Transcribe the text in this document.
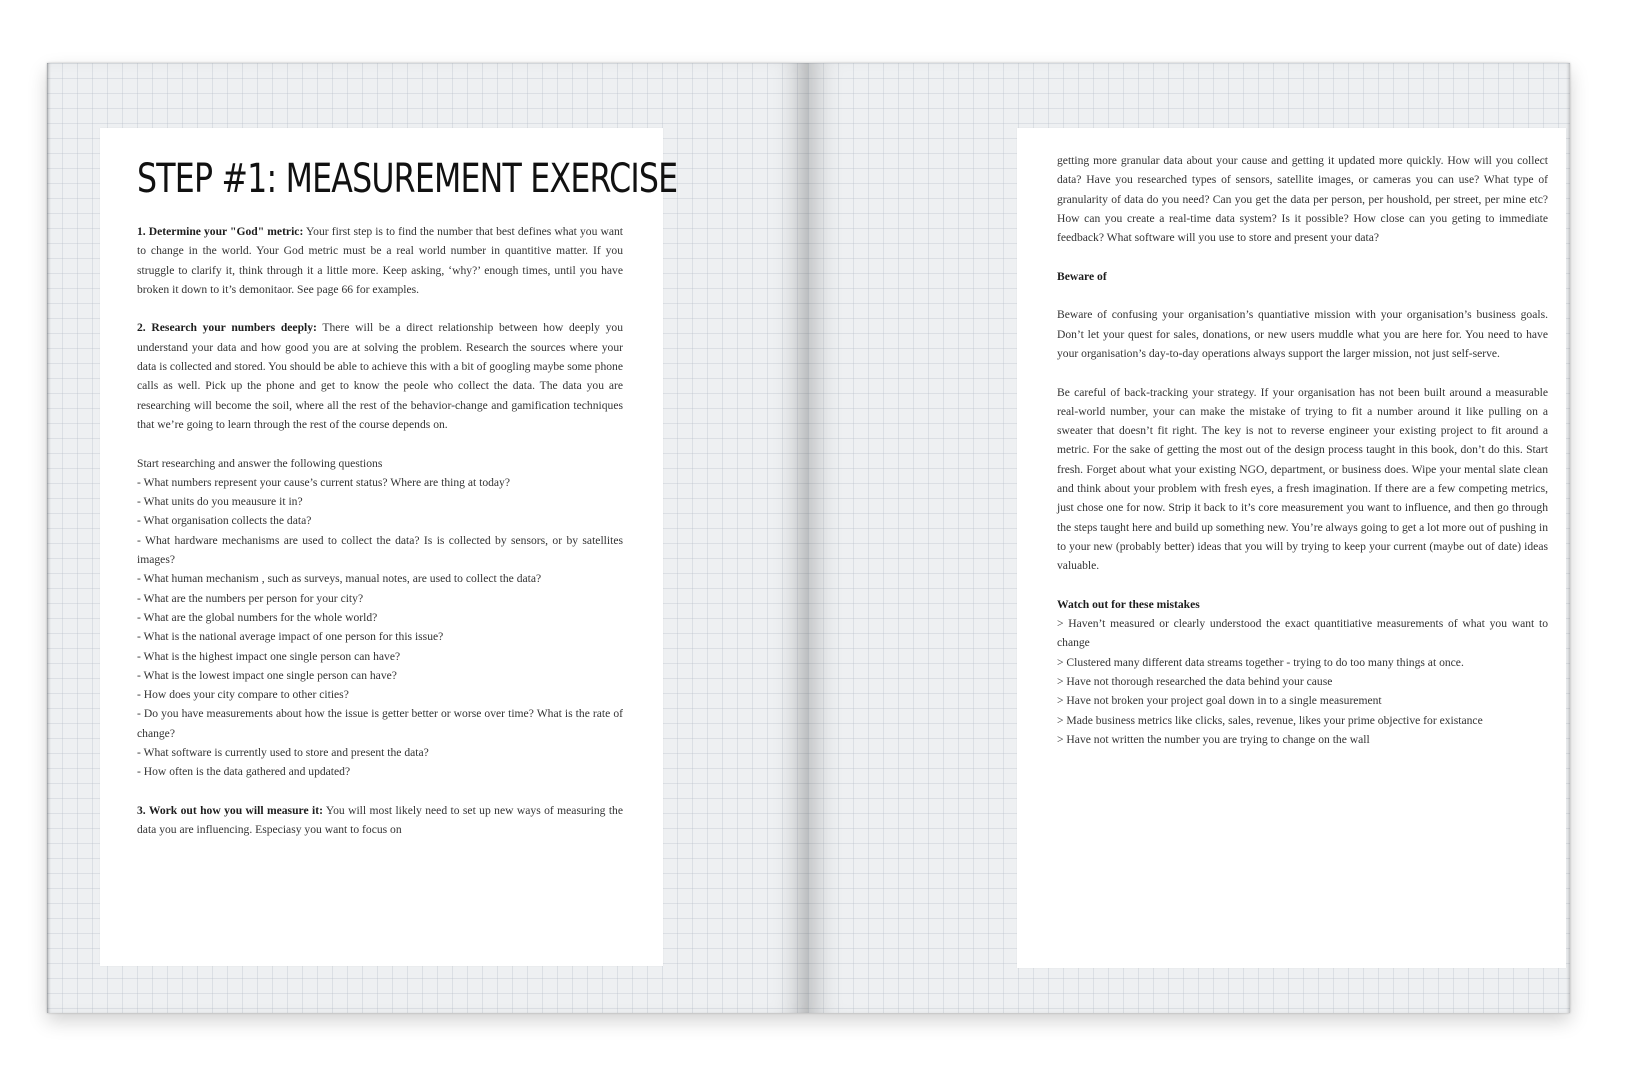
STEP #1: MEASUREMENT EXERCISE

1. Determine your "God" metric: Your first step is to find the number that best defines what you want to change in the world. Your God metric must be a real world number in quantitive matter. If you struggle to clarify it, think through it a little more. Keep asking, ‘why?’ enough times, until you have broken it down to it’s demonitaor. See page 66 for examples.

2. Research your numbers deeply: There will be a direct relationship between how deeply you understand your data and how good you are at solving the problem. Research the sources where your data is collected and stored. You should be able to achieve this with a bit of googling maybe some phone calls as well. Pick up the phone and get to know the peole who collect the data. The data you are researching will become the soil, where all the rest of the behavior-change and gamification techniques that we’re going to learn through the rest of the course depends on.

Start researching and answer the following questions

- What numbers represent your cause’s current status? Where are thing at today?
- What units do you meausure it in?
- What organisation collects the data?
- What hardware mechanisms are used to collect the data? Is is collected by sensors, or by satellites images?
- What human mechanism , such as surveys, manual notes, are used to collect the data?
- What are the numbers per person for your city?
- What are the global numbers for the whole world?
- What is the national average impact of one person for this issue?
- What is the highest impact one single person can have?
- What is the lowest impact one single person can have?
- How does your city compare to other cities?
- Do you have measurements about how the issue is getter better or worse over time? What is the rate of change?
- What software is currently used to store and present the data?
- How often is the data gathered and updated?

3. Work out how you will measure it: You will most likely need to set up new ways of measuring the data you are influencing. Especiasy you want to focus on

getting more granular data about your cause and getting it updated more quickly. How will you collect data? Have you researched types of sensors, satellite images, or cameras you can use? What type of granularity of data do you need? Can you get the data per person, per houshold, per street, per mine etc? How can you create a real-time data system? Is it possible? How close can you geting to immediate feedback? What software will you use to store and present your data?

Beware of

Beware of confusing your organisation’s quantiative mission with your organisation’s business goals. Don’t let your quest for sales, donations, or new users muddle what you are here for. You need to have your organisation’s day-to-day operations always support the larger mission, not just self-serve.

Be careful of back-tracking your strategy. If your organisation has not been built around a measurable real-world number, your can make the mistake of trying to fit a number around it like pulling on a sweater that doesn’t fit right. The key is not to reverse engineer your existing project to fit around a metric. For the sake of getting the most out of the design process taught in this book, don’t do this. Start fresh. Forget about what your existing NGO, department, or business does. Wipe your mental slate clean and think about your problem with fresh eyes, a fresh imagination. If there are a few competing metrics, just chose one for now. Strip it back to it’s core measurement you want to influence, and then go through the steps taught here and build up something new. You’re always going to get a lot more out of pushing in to your new (probably better) ideas that you will by trying to keep your current (maybe out of date) ideas valuable.

Watch out for these mistakes

> Haven’t measured or clearly understood the exact quantitiative measurements of what you want to change
> Clustered many different data streams together - trying to do too many things at once.
> Have not thorough researched the data behind your cause
> Have not broken your project goal down in to a single measurement
> Made business metrics like clicks, sales, revenue, likes your prime objective for existance
> Have not written the number you are trying to change on the wall
